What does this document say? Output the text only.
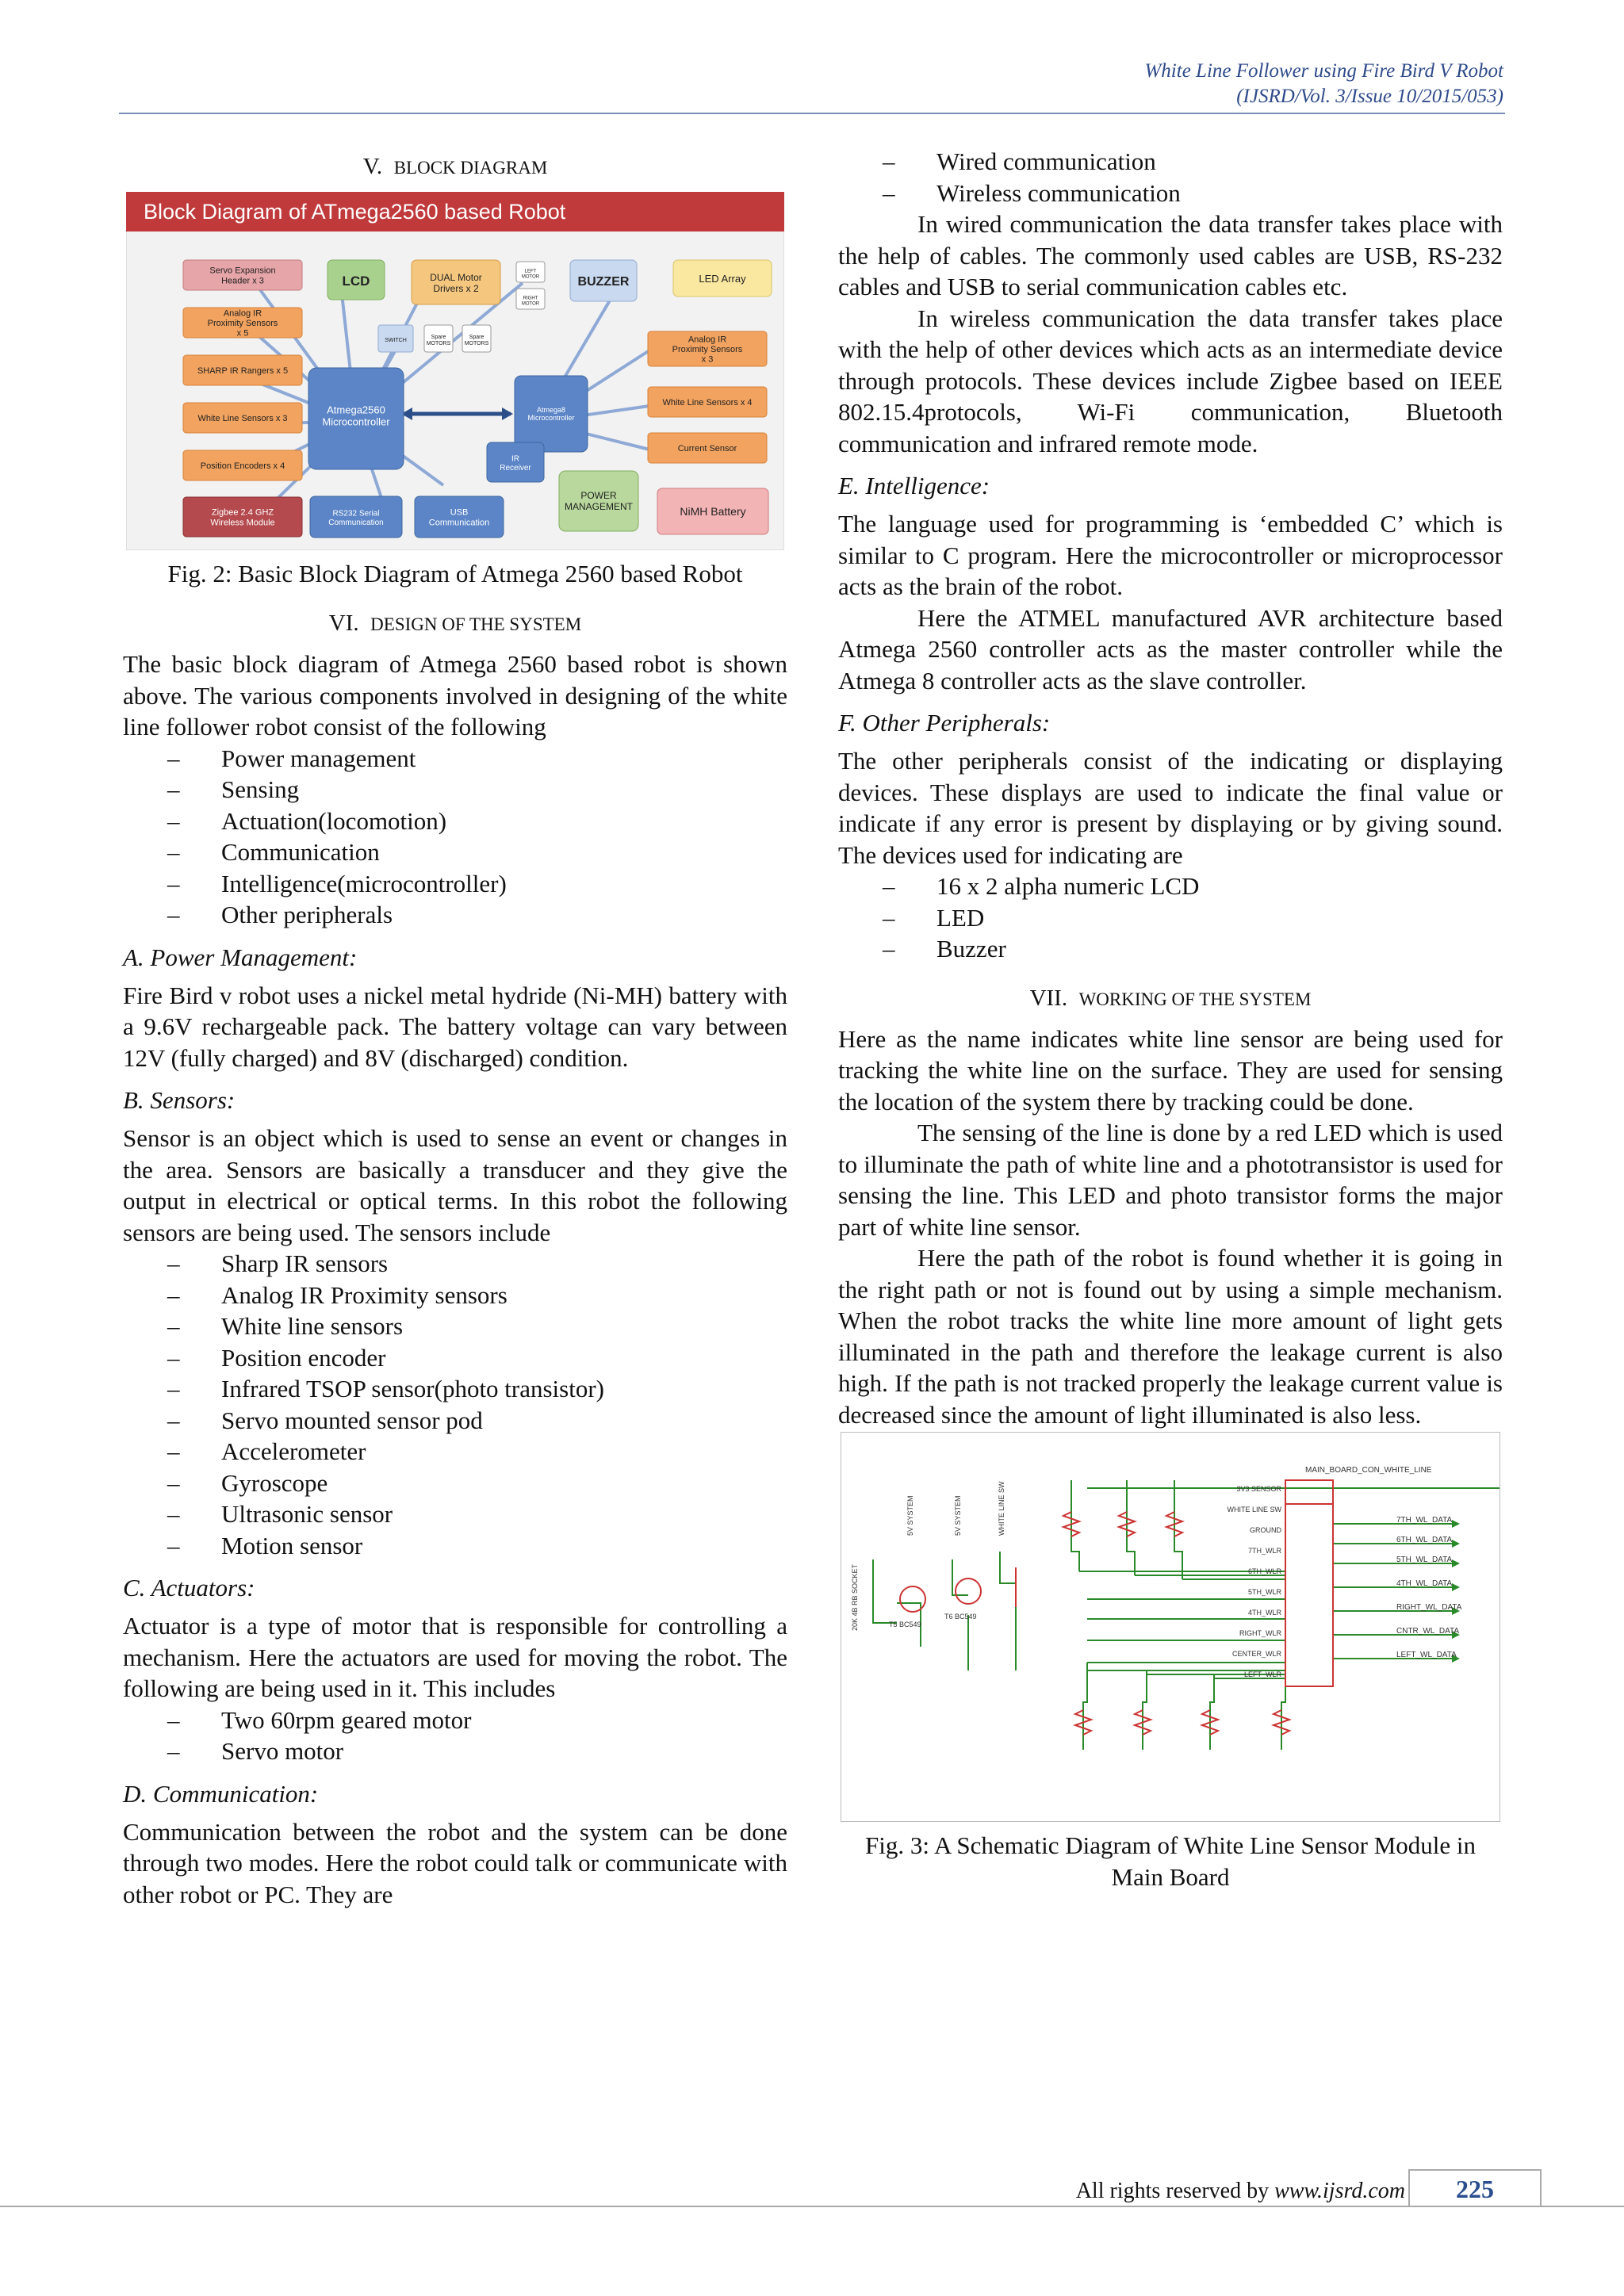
White Line Follower using Fire Bird V Robot
(IJSRD/Vol. 3/Issue 10/2015/053)
V. BLOCK DIAGRAM
Block Diagram of ATmega2560 based Robot
Servo Expansion Header x 3
Analog IR Proximity Sensors x 5
SHARP IR Rangers x 5
White Line Sensors x 3
Position Encoders x 4
Zigbee 2.4 GHZ Wireless Module
LCD	DUAL Motor Drivers x 2
LEFT MOTOR
RIGHT MOTOR
BUZZER	LED Array
SWITCH
Spare MOTORS
Spare MOTORS
Atmega2560 Microcontroller
Atmega8 Microcontroller
Analog IR Proximity Sensors x 3
White Line Sensors x 4
Current Sensor
IR Receiver
RS232 Serial Communication
USB Communication
POWER MANAGEMENT	NiMH Battery
Fig. 2: Basic Block Diagram of Atmega 2560 based Robot
VI. DESIGN OF THE SYSTEM

The basic block diagram of Atmega 2560 based robot is shown above. The various components involved in designing of the white line follower robot consist of the following

– Power management
– Sensing
– Actuation(locomotion)
– Communication
– Intelligence(microcontroller)
– Other peripherals
A. Power Management:

Fire Bird v robot uses a nickel metal hydride (Ni-MH) battery with a 9.6V rechargeable pack. The battery voltage can vary between 12V (fully charged) and 8V (discharged) condition.

B. Sensors:

Sensor is an object which is used to sense an event or changes in the area. Sensors are basically a transducer and they give the output in electrical or optical terms. In this robot the following sensors are being used. The sensors include

– Sharp IR sensors
– Analog IR Proximity sensors
– White line sensors
– Position encoder
– Infrared TSOP sensor(photo transistor)
– Servo mounted sensor pod
– Accelerometer
– Gyroscope
– Ultrasonic sensor
– Motion sensor
C. Actuators:

Actuator is a type of motor that is responsible for controlling a mechanism. Here the actuators are used for moving the robot. The following are being used in it. This includes

– Two 60rpm geared motor
– Servo motor
D. Communication:

Communication between the robot and the system can be done through two modes. Here the robot could talk or communicate with other robot or PC. They are

– Wired communication
– Wireless communication

In wired communication the data transfer takes place with the help of cables. The commonly used cables are USB, RS-232 cables and USB to serial communication cables etc.

In wireless communication the data transfer takes place with the help of other devices which acts as an intermediate device through protocols. These devices include Zigbee based on IEEE 802.15.4protocols, Wi-Fi communication, Bluetooth communication and infrared remote mode.

E. Intelligence:

The language used for programming is ‘embedded C’ which is similar to C program. Here the microcontroller or microprocessor acts as the brain of the robot.

Here the ATMEL manufactured AVR architecture based Atmega 2560 controller acts as the master controller while the Atmega 8 controller acts as the slave controller.

F. Other Peripherals:

The other peripherals consist of the indicating or displaying devices. These displays are used to indicate the final value or indicate if any error is present by displaying or by giving sound. The devices used for indicating are

– 16 x 2 alpha numeric LCD
– LED
– Buzzer
VII. WORKING OF THE SYSTEM

Here as the name indicates white line sensor are being used for tracking the white line on the surface. They are used for sensing the location of the system there by tracking could be done.

The sensing of the line is done by a red LED which is used to illuminate the path of white line and a phototransistor is used for sensing the line. This LED and photo transistor forms the major part of white line sensor.

Here the path of the robot is found whether it is going in the right path or not is found out by using a simple mechanism. When the robot tracks the white line more amount of light gets illuminated in the path and therefore the leakage current is also high. If the path is not tracked properly the leakage current value is decreased since the amount of light illuminated is also less.

MAIN_BOARD_CON_WHITE_LINE
3V3 SENSOR
WHITE LINE SW
GROUND
7TH_WLR
6TH_WLR
5TH_WLR
4TH_WLR
RIGHT_WLR
CENTER_WLR
LEFT_WLR
7TH_WL_DATA
6TH_WL_DATA
5TH_WL_DATA
4TH_WL_DATA
RIGHT_WL_DATA
CNTR_WL_DATA
LEFT_WL_DATA
20K 4B RB SOCKET
5V SYSTEM	5V SYSTEM	WHITE LINE SW
T5 BC549
T6 BC549
Fig. 3: A Schematic Diagram of White Line Sensor Module in Main Board
All rights reserved by www.ijsrd.com	225
